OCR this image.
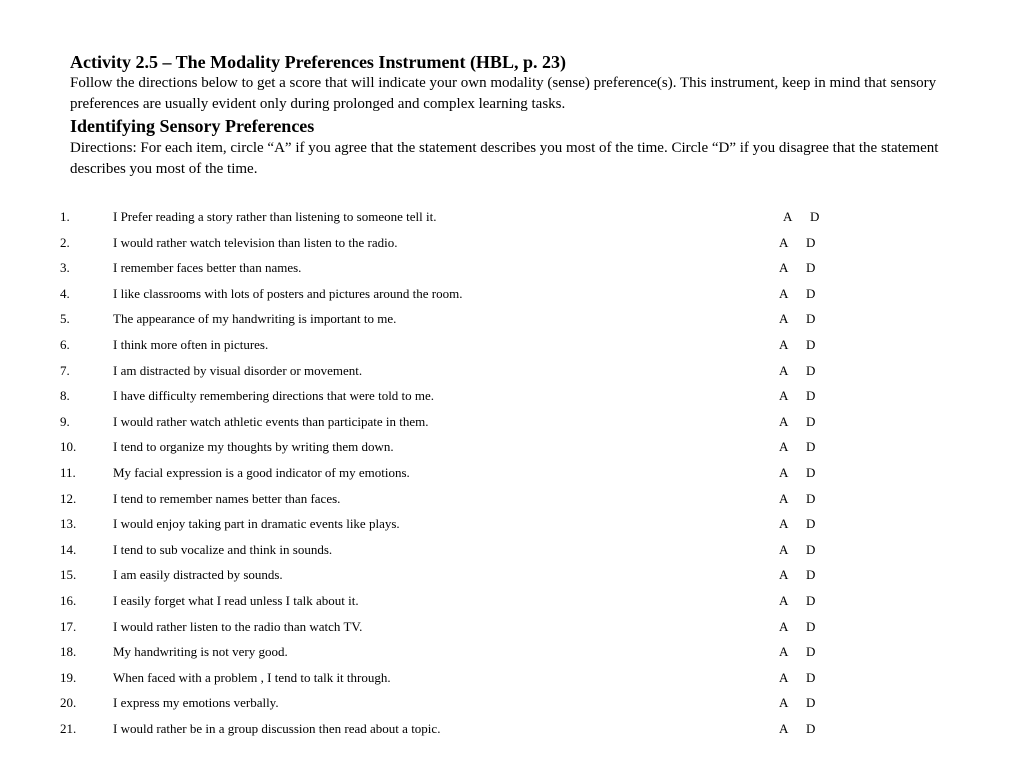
Activity 2.5 – The Modality Preferences Instrument (HBL, p. 23)

Follow the directions below to get a score that will indicate your own modality (sense) preference(s). This instrument, keep in mind that sensory preferences are usually evident only during prolonged and complex learning tasks.

Identifying Sensory Preferences

Directions: For each item, circle “A” if you agree that the statement describes you most of the time. Circle “D” if you disagree that the statement describes you most of the time.

1.	I Prefer reading a story rather than listening to someone tell it.	A D
2.	I would rather watch television than listen to the radio.	A D
3.	I remember faces better than names.	A D
4.	I like classrooms with lots of posters and pictures around the room.	A D
5.	The appearance of my handwriting is important to me.	A D
6.	I think more often in pictures.	A D
7.	I am distracted by visual disorder or movement.	A D
8.	I have difficulty remembering directions that were told to me.	A D
9.	I would rather watch athletic events than participate in them.	A D
10.	I tend to organize my thoughts by writing them down.	A D
11.	My facial expression is a good indicator of my emotions.	A D
12.	I tend to remember names better than faces.	A D
13.	I would enjoy taking part in dramatic events like plays.	A D
14.	I tend to sub vocalize and think in sounds.	A D
15.	I am easily distracted by sounds.	A D
16.	I easily forget what I read unless I talk about it.	A D
17.	I would rather listen to the radio than watch TV.	A D
18.	My handwriting is not very good.	A D
19.	When faced with a problem , I tend to talk it through.	A D
20.	I express my emotions verbally.	A D
21.	I would rather be in a group discussion then read about a topic.	A D
